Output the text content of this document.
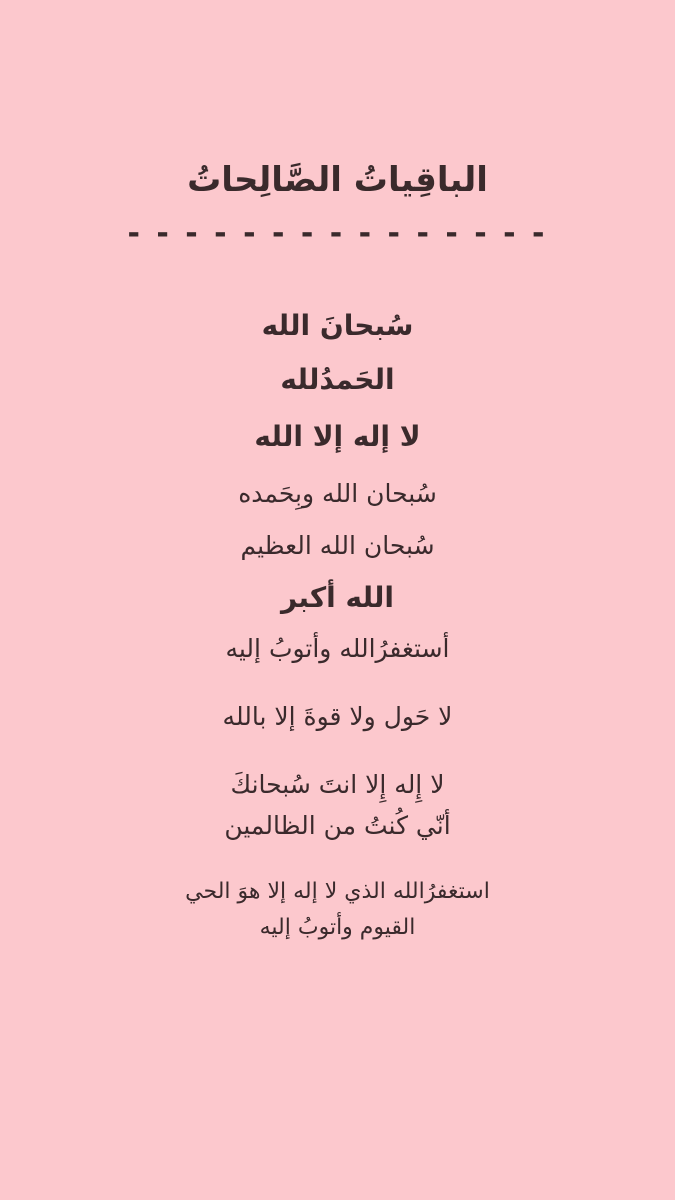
الباقِياتُ الصَّالِحاتُ
- - - - - - - - - - - - - - -

سُبحانَ الله

الحَمدُلله

لا إله إلا الله

سُبحان الله وبِحَمده

سُبحان الله العظيم

الله أكبر

أستغفرُالله وأتوبُ إليه

لا حَول ولا قوةَ إلا بالله

لا إِله إِلا انتَ سُبحانكَ

أنّي كُنتُ من الظالمين

استغفرُالله الذي لا إله إلا هوَ الحي

القيوم وأتوبُ إليه
